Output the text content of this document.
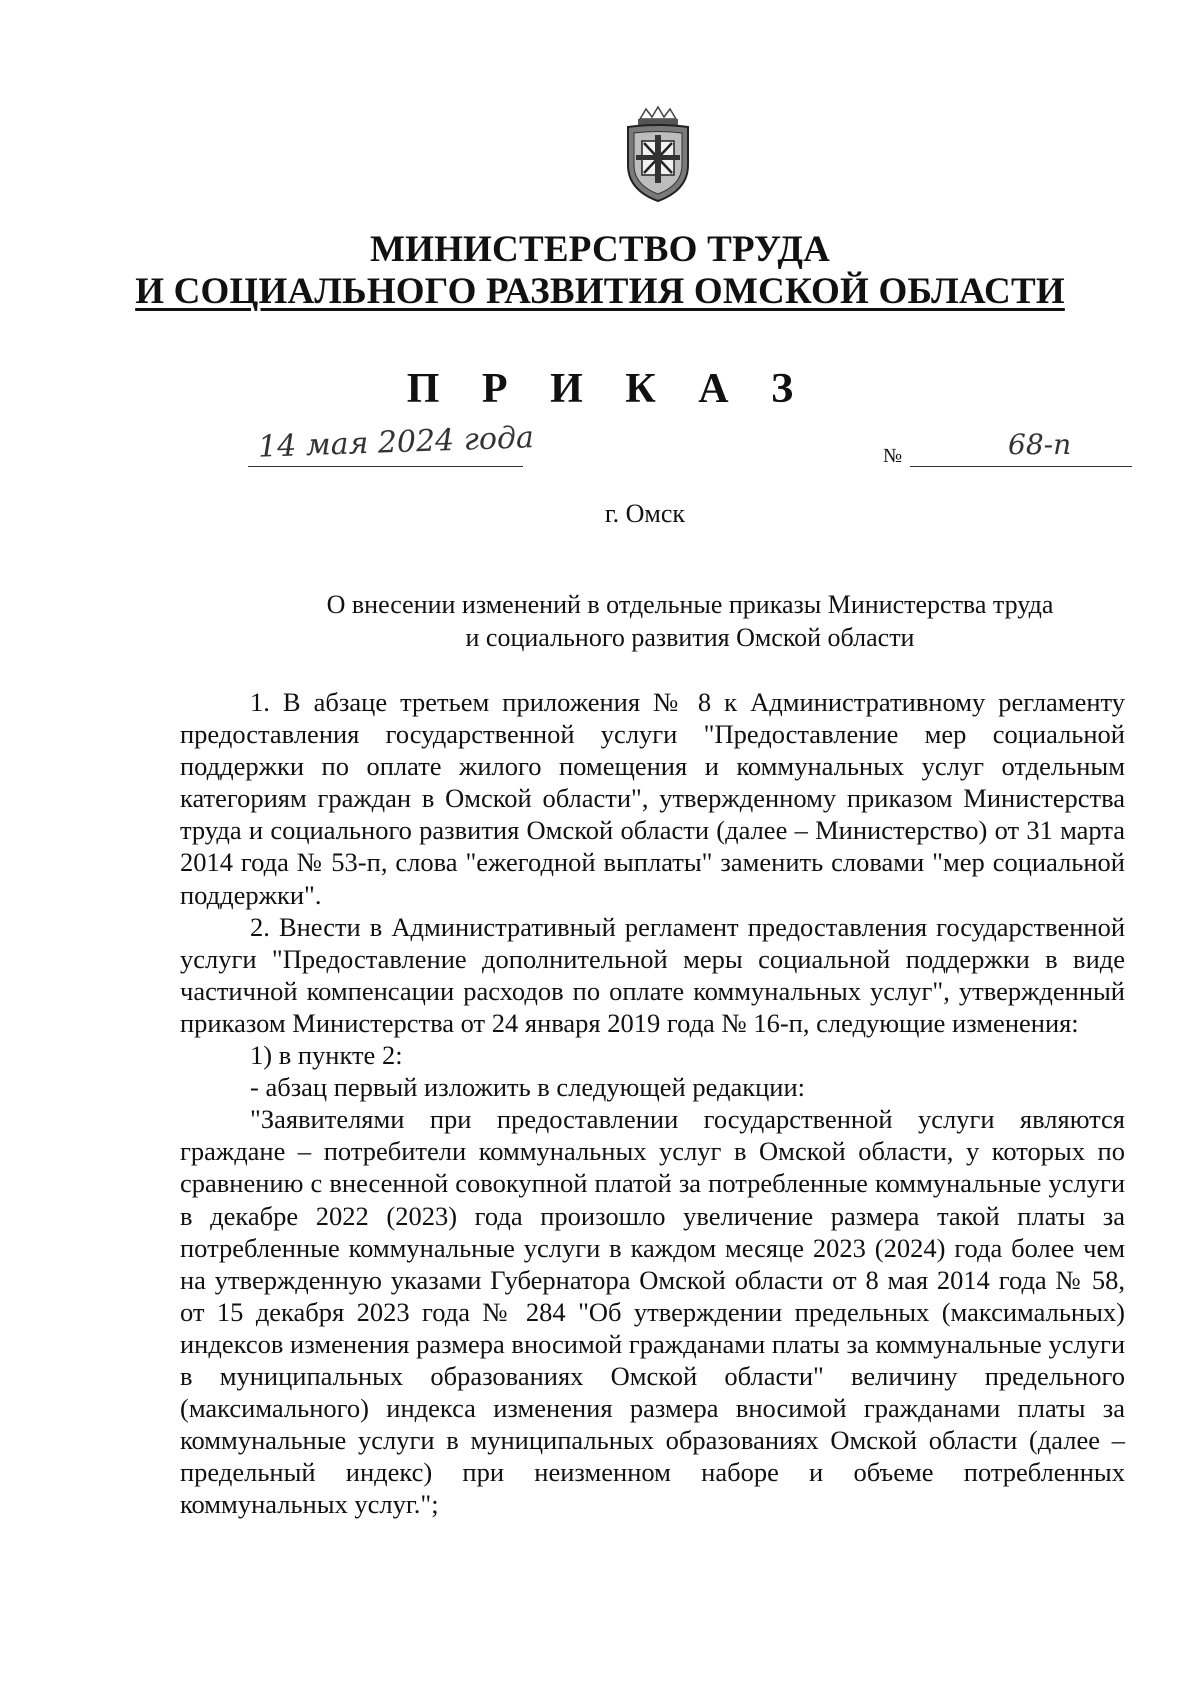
МИНИСТЕРСТВО ТРУДА
И СОЦИАЛЬНОГО РАЗВИТИЯ ОМСКОЙ ОБЛАСТИ
П Р И К А З
14 мая 2024 года	№	68-п
г. Омск
О внесении изменений в отдельные приказы Министерства труда
и социального развития Омской области

1. В абзаце третьем приложения № 8 к Административному регламенту предоставления государственной услуги "Предоставление мер социальной поддержки по оплате жилого помещения и коммунальных услуг отдельным категориям граждан в Омской области", утвержденному приказом Министерства труда и социального развития Омской области (далее – Министерство) от 31 марта 2014 года № 53-п, слова "ежегодной выплаты" заменить словами "мер социальной поддержки".

2. Внести в Административный регламент предоставления государственной услуги "Предоставление дополнительной меры социальной поддержки в виде частичной компенсации расходов по оплате коммунальных услуг", утвержденный приказом Министерства от 24 января 2019 года № 16-п, следующие изменения:

1) в пункте 2:

- абзац первый изложить в следующей редакции:

"Заявителями при предоставлении государственной услуги являются граждане – потребители коммунальных услуг в Омской области, у которых по сравнению с внесенной совокупной платой за потребленные коммунальные услуги в декабре 2022 (2023) года произошло увеличение размера такой платы за потребленные коммунальные услуги в каждом месяце 2023 (2024) года более чем на утвержденную указами Губернатора Омской области от 8 мая 2014 года № 58, от 15 декабря 2023 года № 284 "Об утверждении предельных (максимальных) индексов изменения размера вносимой гражданами платы за коммунальные услуги в муниципальных образованиях Омской области" величину предельного (максимального) индекса изменения размера вносимой гражданами платы за коммунальные услуги в муниципальных образованиях Омской области (далее – предельный индекс) при неизменном наборе и объеме потребленных коммунальных услуг.";
